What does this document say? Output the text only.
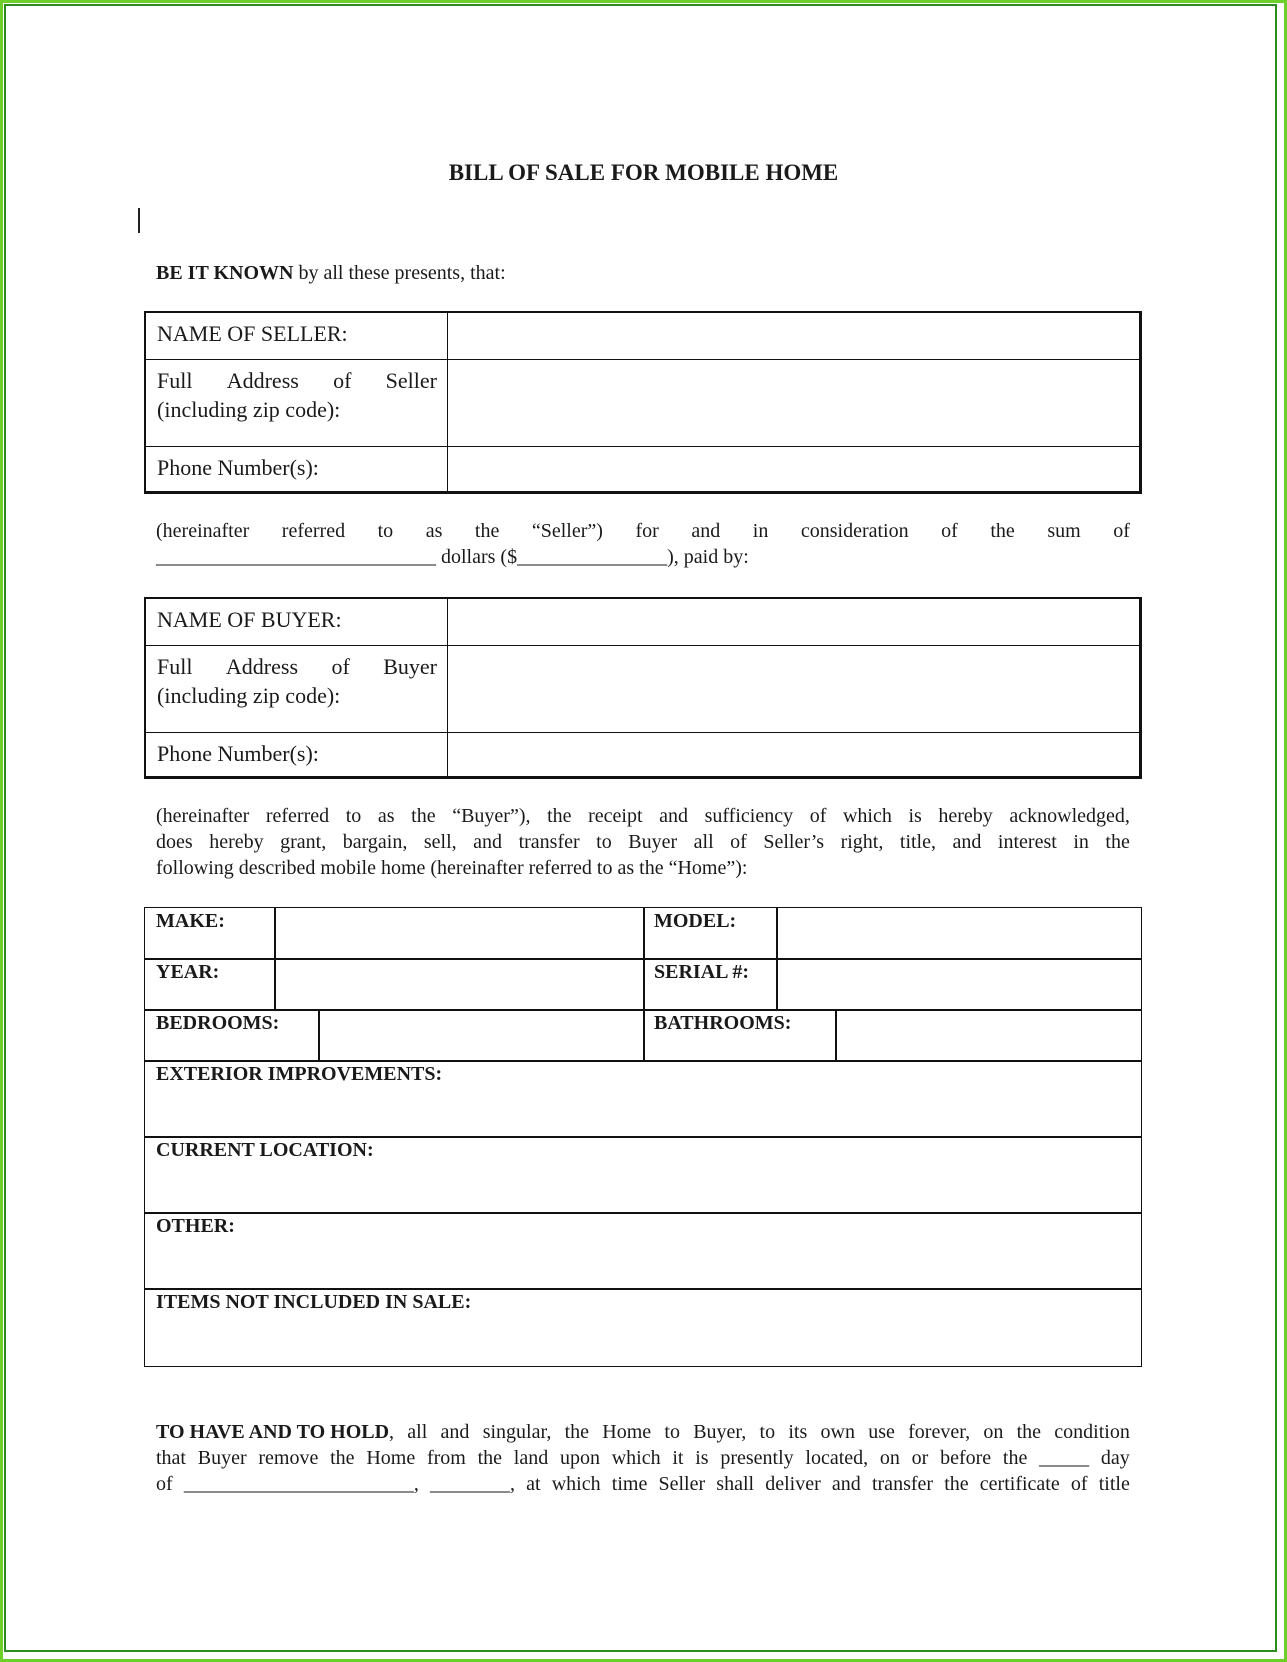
BILL OF SALE FOR MOBILE HOME
BE IT KNOWN by all these presents, that:
NAME OF SELLER:
Full Address of Seller
(including zip code):
Phone Number(s):
(hereinafter referred to as the “Seller”) for and in consideration of the sum of
____________________________ dollars ($_______________), paid by:
NAME OF BUYER:
Full Address of Buyer
(including zip code):
Phone Number(s):
(hereinafter referred to as the “Buyer”), the receipt and sufficiency of which is hereby acknowledged,
does hereby grant, bargain, sell, and transfer to Buyer all of Seller’s right, title, and interest in the
following described mobile home (hereinafter referred to as the “Home”):
MAKE:	MODEL:
YEAR:	SERIAL #:
BEDROOMS:	BATHROOMS:
EXTERIOR IMPROVEMENTS:
CURRENT LOCATION:
OTHER:
ITEMS NOT INCLUDED IN SALE:
TO HAVE AND TO HOLD, all and singular, the Home to Buyer, to its own use forever, on the condition
that Buyer remove the Home from the land upon which it is presently located, on or before the _____ day
of _______________________, ________, at which time Seller shall deliver and transfer the certificate of title
